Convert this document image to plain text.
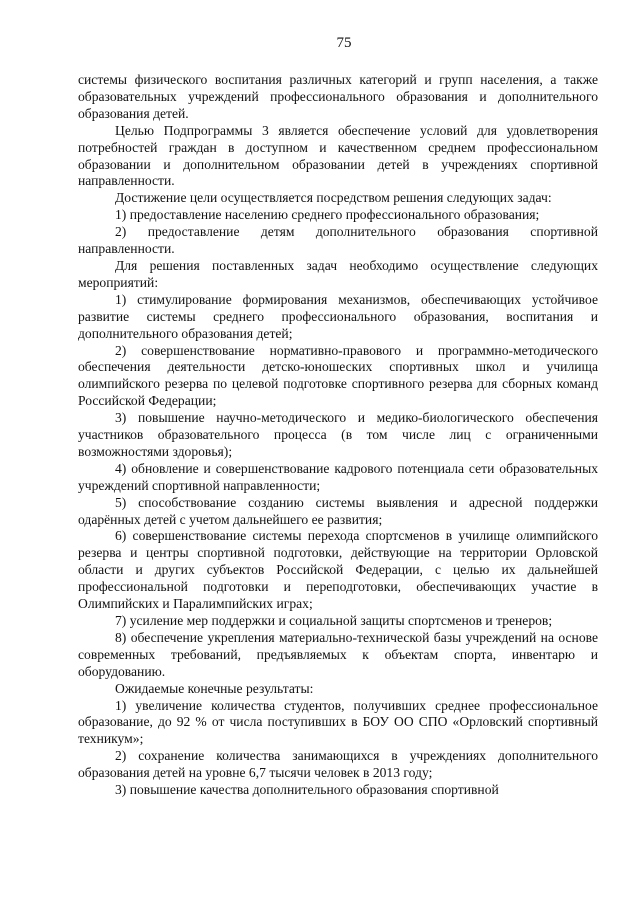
75

системы физического воспитания различных категорий и групп населения, а также образовательных учреждений профессионального образования и дополнительного образования детей.

Целью Подпрограммы 3 является обеспечение условий для удовлетворения потребностей граждан в доступном и качественном среднем профессиональном образовании и дополнительном образовании детей в учреждениях спортивной направленности.

Достижение цели осуществляется посредством решения следующих задач:

1) предоставление населению среднего профессионального образования;

2) предоставление детям дополнительного образования спортивной направленности.

Для решения поставленных задач необходимо осуществление следующих мероприятий:

1) стимулирование формирования механизмов, обеспечивающих устойчивое развитие системы среднего профессионального образования, воспитания и дополнительного образования детей;

2) совершенствование нормативно-правового и программно-методического обеспечения деятельности детско-юношеских спортивных школ и училища олимпийского резерва по целевой подготовке спортивного резерва для сборных команд Российской Федерации;

3) повышение научно-методического и медико-биологического обеспечения участников образовательного процесса (в том числе лиц с ограниченными возможностями здоровья);

4) обновление и совершенствование кадрового потенциала сети образовательных учреждений спортивной направленности;

5) способствование созданию системы выявления и адресной поддержки одарённых детей с учетом дальнейшего ее развития;

6) совершенствование системы перехода спортсменов в училище олимпийского резерва и центры спортивной подготовки, действующие на территории Орловской области и других субъектов Российской Федерации, с целью их дальнейшей профессиональной подготовки и переподготовки, обеспечивающих участие в Олимпийских и Паралимпийских играх;

7) усиление мер поддержки и социальной защиты спортсменов и тренеров;

8) обеспечение укрепления материально-технической базы учреждений на основе современных требований, предъявляемых к объектам спорта, инвентарю и оборудованию.

Ожидаемые конечные результаты:

1) увеличение количества студентов, получивших среднее профессиональное образование, до 92 % от числа поступивших в БОУ ОО СПО «Орловский спортивный техникум»;

2) сохранение количества занимающихся в учреждениях дополнительного образования детей на уровне 6,7 тысячи человек в 2013 году;

3) повышение качества дополнительного образования спортивной
